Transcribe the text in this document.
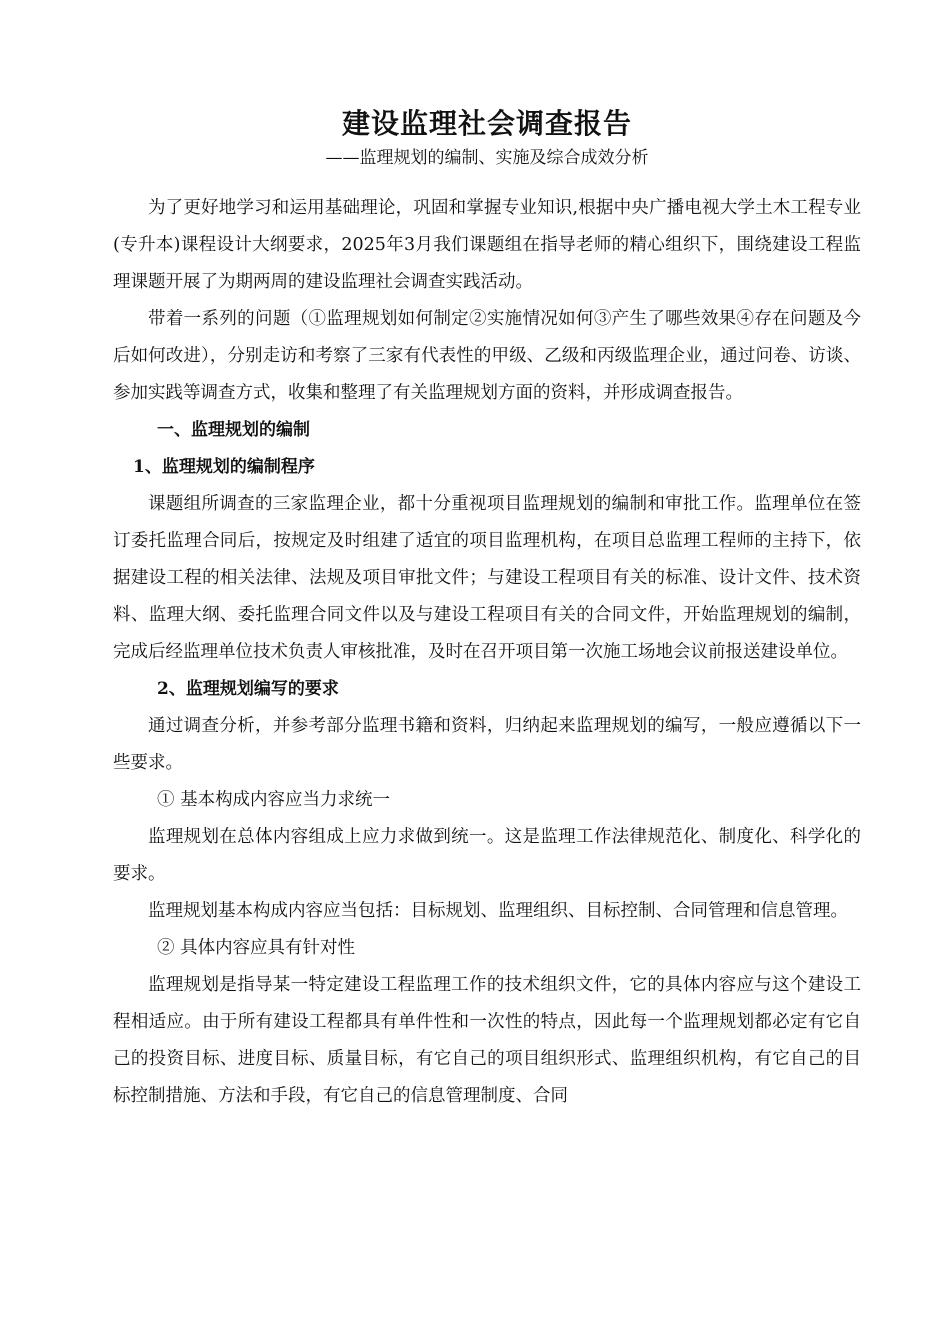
建设监理社会调查报告
——监理规划的编制、实施及综合成效分析

为了更好地学习和运用基础理论，巩固和掌握专业知识,根据中央广播电视大学土木工程专业(专升本)课程设计大纲要求，2025年3月我们课题组在指导老师的精心组织下，围绕建设工程监理课题开展了为期两周的建设监理社会调查实践活动。

带着一系列的问题（①监理规划如何制定②实施情况如何③产生了哪些效果④存在问题及今后如何改进），分别走访和考察了三家有代表性的甲级、乙级和丙级监理企业，通过问卷、访谈、参加实践等调查方式，收集和整理了有关监理规划方面的资料，并形成调查报告。

一、监理规划的编制

1、监理规划的编制程序

课题组所调查的三家监理企业，都十分重视项目监理规划的编制和审批工作。监理单位在签订委托监理合同后，按规定及时组建了适宜的项目监理机构，在项目总监理工程师的主持下，依据建设工程的相关法律、法规及项目审批文件；与建设工程项目有关的标准、设计文件、技术资料、监理大纲、委托监理合同文件以及与建设工程项目有关的合同文件，开始监理规划的编制，完成后经监理单位技术负责人审核批准，及时在召开项目第一次施工场地会议前报送建设单位。

2、监理规划编写的要求

通过调查分析，并参考部分监理书籍和资料，归纳起来监理规划的编写，一般应遵循以下一些要求。

① 基本构成内容应当力求统一

监理规划在总体内容组成上应力求做到统一。这是监理工作法律规范化、制度化、科学化的要求。

监理规划基本构成内容应当包括：目标规划、监理组织、目标控制、合同管理和信息管理。

② 具体内容应具有针对性

监理规划是指导某一特定建设工程监理工作的技术组织文件，它的具体内容应与这个建设工程相适应。由于所有建设工程都具有单件性和一次性的特点，因此每一个监理规划都必定有它自己的投资目标、进度目标、质量目标，有它自己的项目组织形式、监理组织机构，有它自己的目标控制措施、方法和手段，有它自己的信息管理制度、合同
